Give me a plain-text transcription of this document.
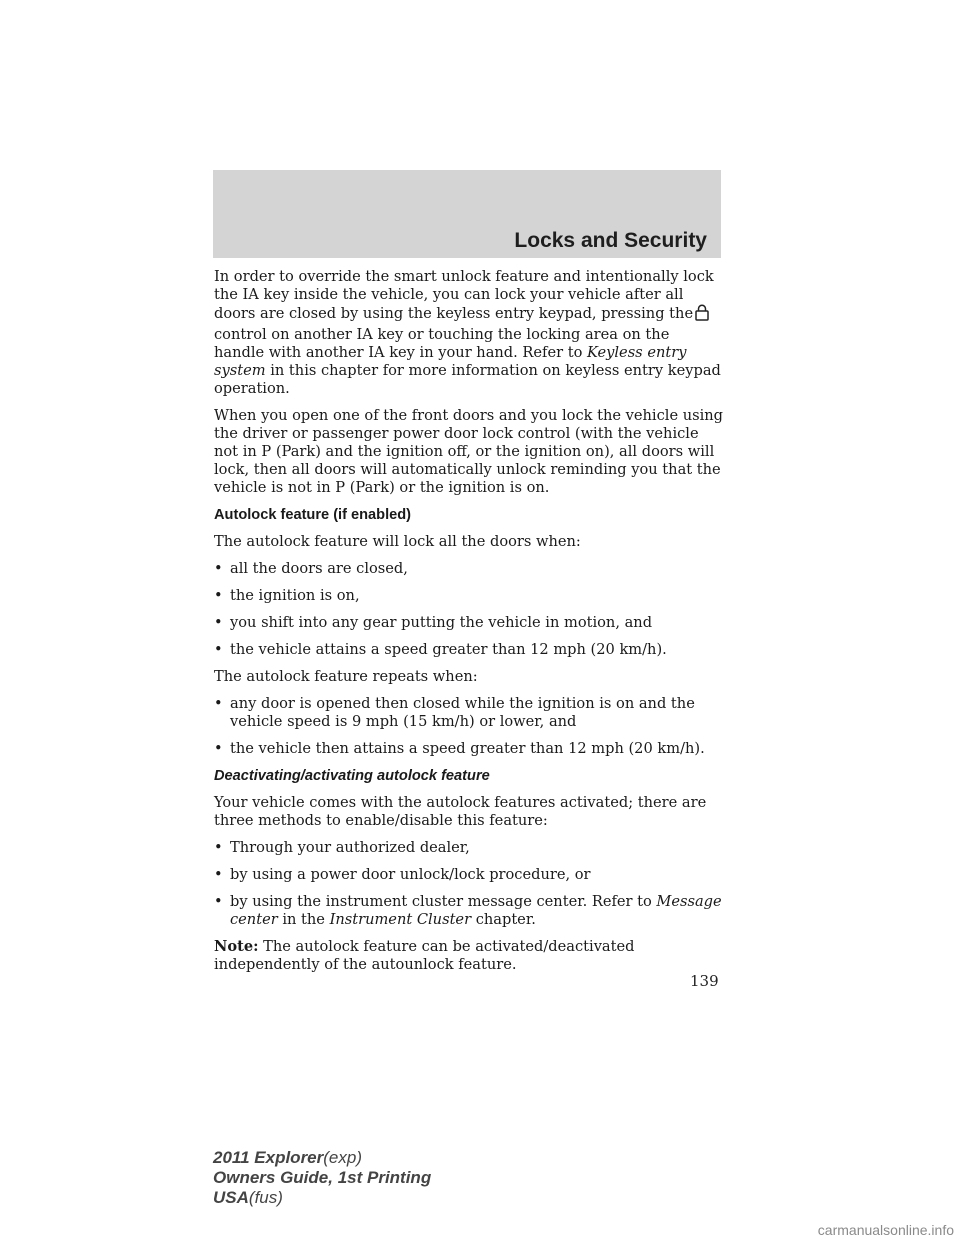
Locks and Security

In order to override the smart unlock feature and intentionally lock the IA key inside the vehicle, you can lock your vehicle after all doors are closed by using the keyless entry keypad, pressing thecontrol on another IA key or touching the locking area on the handle with another IA key in your hand. Refer to Keyless entry system in this chapter for more information on keyless entry keypad operation.

When you open one of the front doors and you lock the vehicle using the driver or passenger power door lock control (with the vehicle not in P (Park) and the ignition off, or the ignition on), all doors will lock, then all doors will automatically unlock reminding you that the vehicle is not in P (Park) or the ignition is on.

Autolock feature (if enabled)

The autolock feature will lock all the doors when:

• all the doors are closed,
• the ignition is on,
• you shift into any gear putting the vehicle in motion, and
• the vehicle attains a speed greater than 12 mph (20 km/h).

The autolock feature repeats when:

• any door is opened then closed while the ignition is on and the vehicle speed is 9 mph (15 km/h) or lower, and
• the vehicle then attains a speed greater than 12 mph (20 km/h).
Deactivating/activating autolock feature

Your vehicle comes with the autolock features activated; there are three methods to enable/disable this feature:

• Through your authorized dealer,
• by using a power door unlock/lock procedure, or
• by using the instrument cluster message center. Refer to Message center in the Instrument Cluster chapter.

Note: The autolock feature can be activated/deactivated independently of the autounlock feature.

139
2011 Explorer(exp)
Owners Guide, 1st Printing
USA(fus)
carmanualsonline.info
